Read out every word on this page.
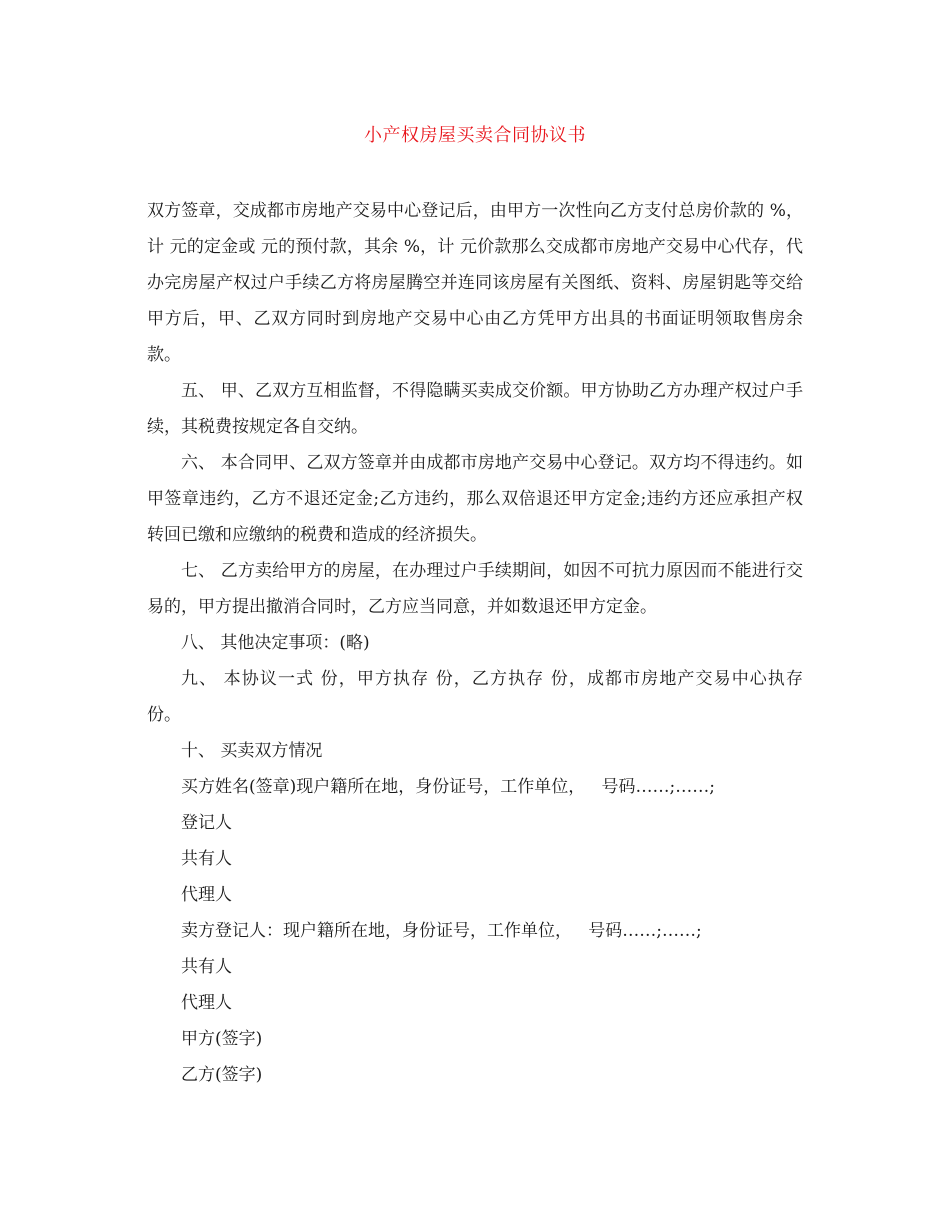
小产权房屋买卖合同协议书

双方签章，交成都市房地产交易中心登记后，由甲方一次性向乙方支付总房价款的 %，计 元的定金或 元的预付款，其余 %，计 元价款那么交成都市房地产交易中心代存，代办完房屋产权过户手续乙方将房屋腾空并连同该房屋有关图纸、资料、房屋钥匙等交给甲方后，甲、乙双方同时到房地产交易中心由乙方凭甲方出具的书面证明领取售房余款。

五、 甲、乙双方互相监督，不得隐瞒买卖成交价额。甲方协助乙方办理产权过户手续，其税费按规定各自交纳。

六、 本合同甲、乙双方签章并由成都市房地产交易中心登记。双方均不得违约。如甲签章违约，乙方不退还定金;乙方违约，那么双倍退还甲方定金;违约方还应承担产权转回已缴和应缴纳的税费和造成的经济损失。

七、 乙方卖给甲方的房屋，在办理过户手续期间，如因不可抗力原因而不能进行交易的，甲方提出撤消合同时，乙方应当同意，并如数退还甲方定金。

八、 其他决定事项：(略)

九、 本协议一式 份，甲方执存 份，乙方执存 份，成都市房地产交易中心执存 份。

十、 买卖双方情况

买方姓名(签章)现户籍所在地，身份证号，工作单位，   号码……;……;

登记人

共有人

代理人

卖方登记人：现户籍所在地，身份证号，工作单位，   号码……;……;

共有人

代理人

甲方(签字)

乙方(签字)
